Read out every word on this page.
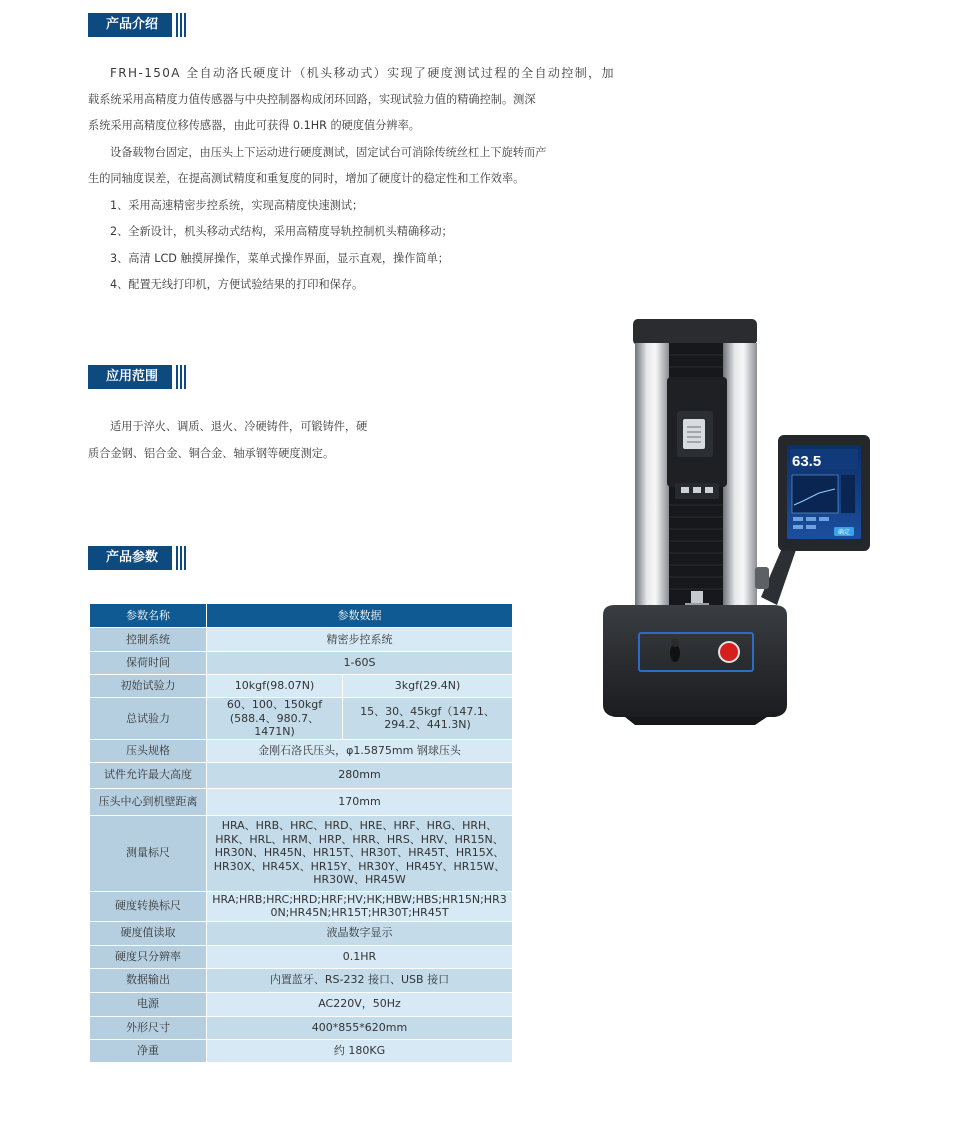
产品介绍

FRH-150A 全自动洛氏硬度计（机头移动式）实现了硬度测试过程的全自动控制，加

载系统采用高精度力值传感器与中央控制器构成闭环回路，实现试验力值的精确控制。测深

系统采用高精度位移传感器，由此可获得 0.1HR 的硬度值分辨率。

设备载物台固定，由压头上下运动进行硬度测试，固定试台可消除传统丝杠上下旋转而产

生的同轴度误差，在提高测试精度和重复度的同时，增加了硬度计的稳定性和工作效率。

1、采用高速精密步控系统，实现高精度快速测试；

2、全新设计，机头移动式结构，采用高精度导轨控制机头精确移动；

3、高清 LCD 触摸屏操作，菜单式操作界面，显示直观，操作简单；

4、配置无线打印机，方便试验结果的打印和保存。

应用范围

适用于淬火、调质、退火、冷硬铸件，可锻铸件，硬

质合金钢、铝合金、铜合金、轴承钢等硬度测定。

产品参数
参数名称	参数数据	
控制系统	精密步控系统	
保荷时间	1-60S	
初始试验力	10kgf(98.07N)	3kgf(29.4N)
总试验力	60、100、150kgf (588.4、980.7、1471N)	15、30、45kgf（147.1、294.2、441.3N)
压头规格	金刚石洛氏压头，φ1.5875mm 钢球压头	
试件允许最大高度	280mm	
压头中心到机壁距离	170mm	
测量标尺	HRA、HRB、HRC、HRD、HRE、HRF、HRG、HRH、HRK、HRL、HRM、HRP、HRR、HRS、HRV、HR15N、HR30N、HR45N、HR15T、HR30T、HR45T、HR15X、HR30X、HR45X、HR15Y、HR30Y、HR45Y、HR15W、HR30W、HR45W	
硬度转换标尺	HRA;HRB;HRC;HRD;HRF;HV;HK;HBW;HBS;HR15N;HR30N;HR45N;HR15T;HR30T;HR45T	
硬度值读取	液晶数字显示	
硬度只分辨率	0.1HR	
数据输出	内置蓝牙、RS-232 接口、USB 接口	
电源	AC220V，50Hz	
外形尺寸	400*855*620mm	
净重	约 180KG	
63.5
确定
